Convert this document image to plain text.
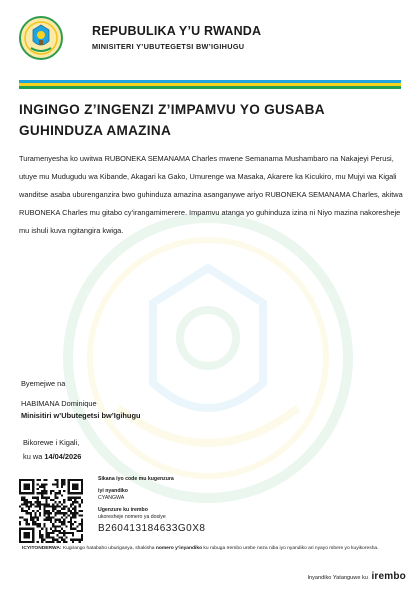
REPUBULIKA Y’U RWANDA
MINISITERI Y’UBUTEGETSI BW’IGIHUGU
INGINGO Z’INGENZI Z’IMPAMVU YO GUSABA GUHINDUZA AMAZINA
Turamenyesha ko uwitwa RUBONEKA SEMANAMA Charles mwene Semanama Mushambaro na Nakajeyi Perusi, utuye mu Mudugudu wa Kibande, Akagari ka Gako, Umurenge wa Masaka, Akarere ka Kicukiro, mu Mujyi wa Kigali wanditse asaba uburenganzira bwo guhinduza amazina asanganywe ariyo RUBONEKA SEMANAMA Charles, akitwa RUBONEKA Charles mu gitabo cy’irangamimerere. Impamvu atanga yo guhinduza izina ni Niyo mazina nakoresheje mu ishuli kuva ngitangira kwiga.
Byemejwe na
HABIMANA Dominique
Minisitiri w’Ubutegetsi bw’Igihugu
Bikorewe i Kigali,
ku wa 14/04/2026
Sikana iyo code mu kugenzura
iyi nyandiko
CYANGWA
Ugenzure ku irembo
ukoresheje nomero ya dosiye
B260413184633G0X8
ICYITONDERWA: Kugirango hatabaho uburiganya, shakisha nomero y’inyandiko ku rubuga Irembo urebe neza niba iyo nyandiko ari nyayo mbere yo kuyikoresha.
Inyandiko Yatanguwe ku irembo
